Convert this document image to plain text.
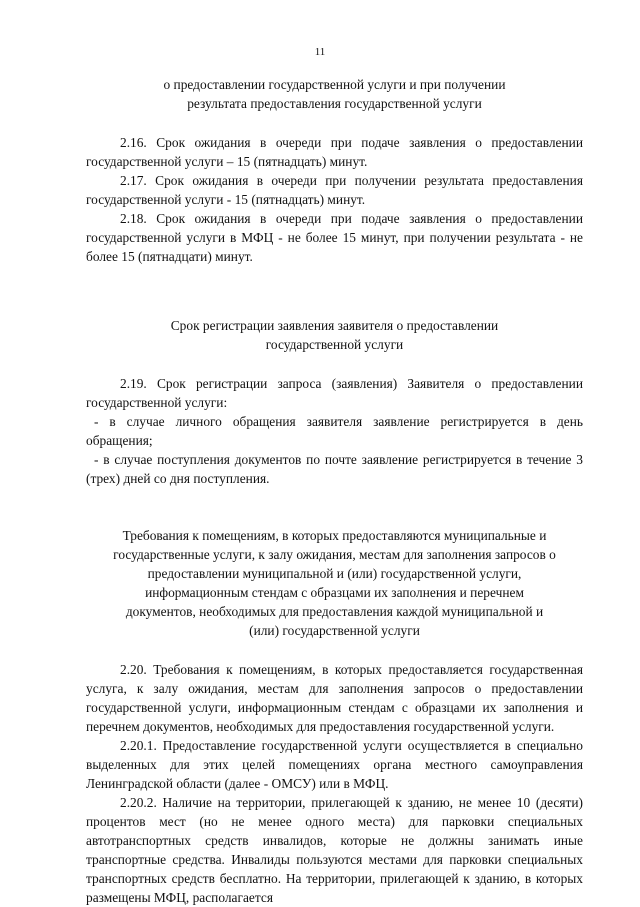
11

о предоставлении государственной услуги и при получении

результата предоставления государственной услуги

2.16. Срок ожидания в очереди при подаче заявления о предоставлении государственной услуги – 15 (пятнадцать) минут.

2.17. Срок ожидания в очереди при получении результата предоставления государственной услуги - 15 (пятнадцать) минут.

2.18. Срок ожидания в очереди при подаче заявления о предоставлении государственной услуги в МФЦ - не более 15 минут, при получении результата - не более 15 (пятнадцати) минут.

Срок регистрации заявления заявителя о предоставлении

государственной услуги

2.19. Срок регистрации запроса (заявления) Заявителя о предоставлении государственной услуги:

- в случае личного обращения заявителя заявление регистрируется в день обращения;

- в случае поступления документов по почте заявление регистрируется в течение 3 (трех) дней со дня поступления.

Требования к помещениям, в которых предоставляются муниципальные и

государственные услуги, к залу ожидания, местам для заполнения запросов о

предоставлении муниципальной и (или) государственной услуги,

информационным стендам с образцами их заполнения и перечнем

документов, необходимых для предоставления каждой муниципальной и

(или) государственной услуги

2.20. Требования к помещениям, в которых предоставляется государственная услуга, к залу ожидания, местам для заполнения запросов о предоставлении государственной услуги, информационным стендам с образцами их заполнения и перечнем документов, необходимых для предоставления государственной услуги.

2.20.1. Предоставление государственной услуги осуществляется в специально выделенных для этих целей помещениях органа местного самоуправления Ленинградской области (далее - ОМСУ) или в МФЦ.

2.20.2. Наличие на территории, прилегающей к зданию, не менее 10 (десяти) процентов мест (но не менее одного места) для парковки специальных автотранспортных средств инвалидов, которые не должны занимать иные транспортные средства. Инвалиды пользуются местами для парковки специальных транспортных средств бесплатно. На территории, прилегающей к зданию, в которых размещены МФЦ, располагается
